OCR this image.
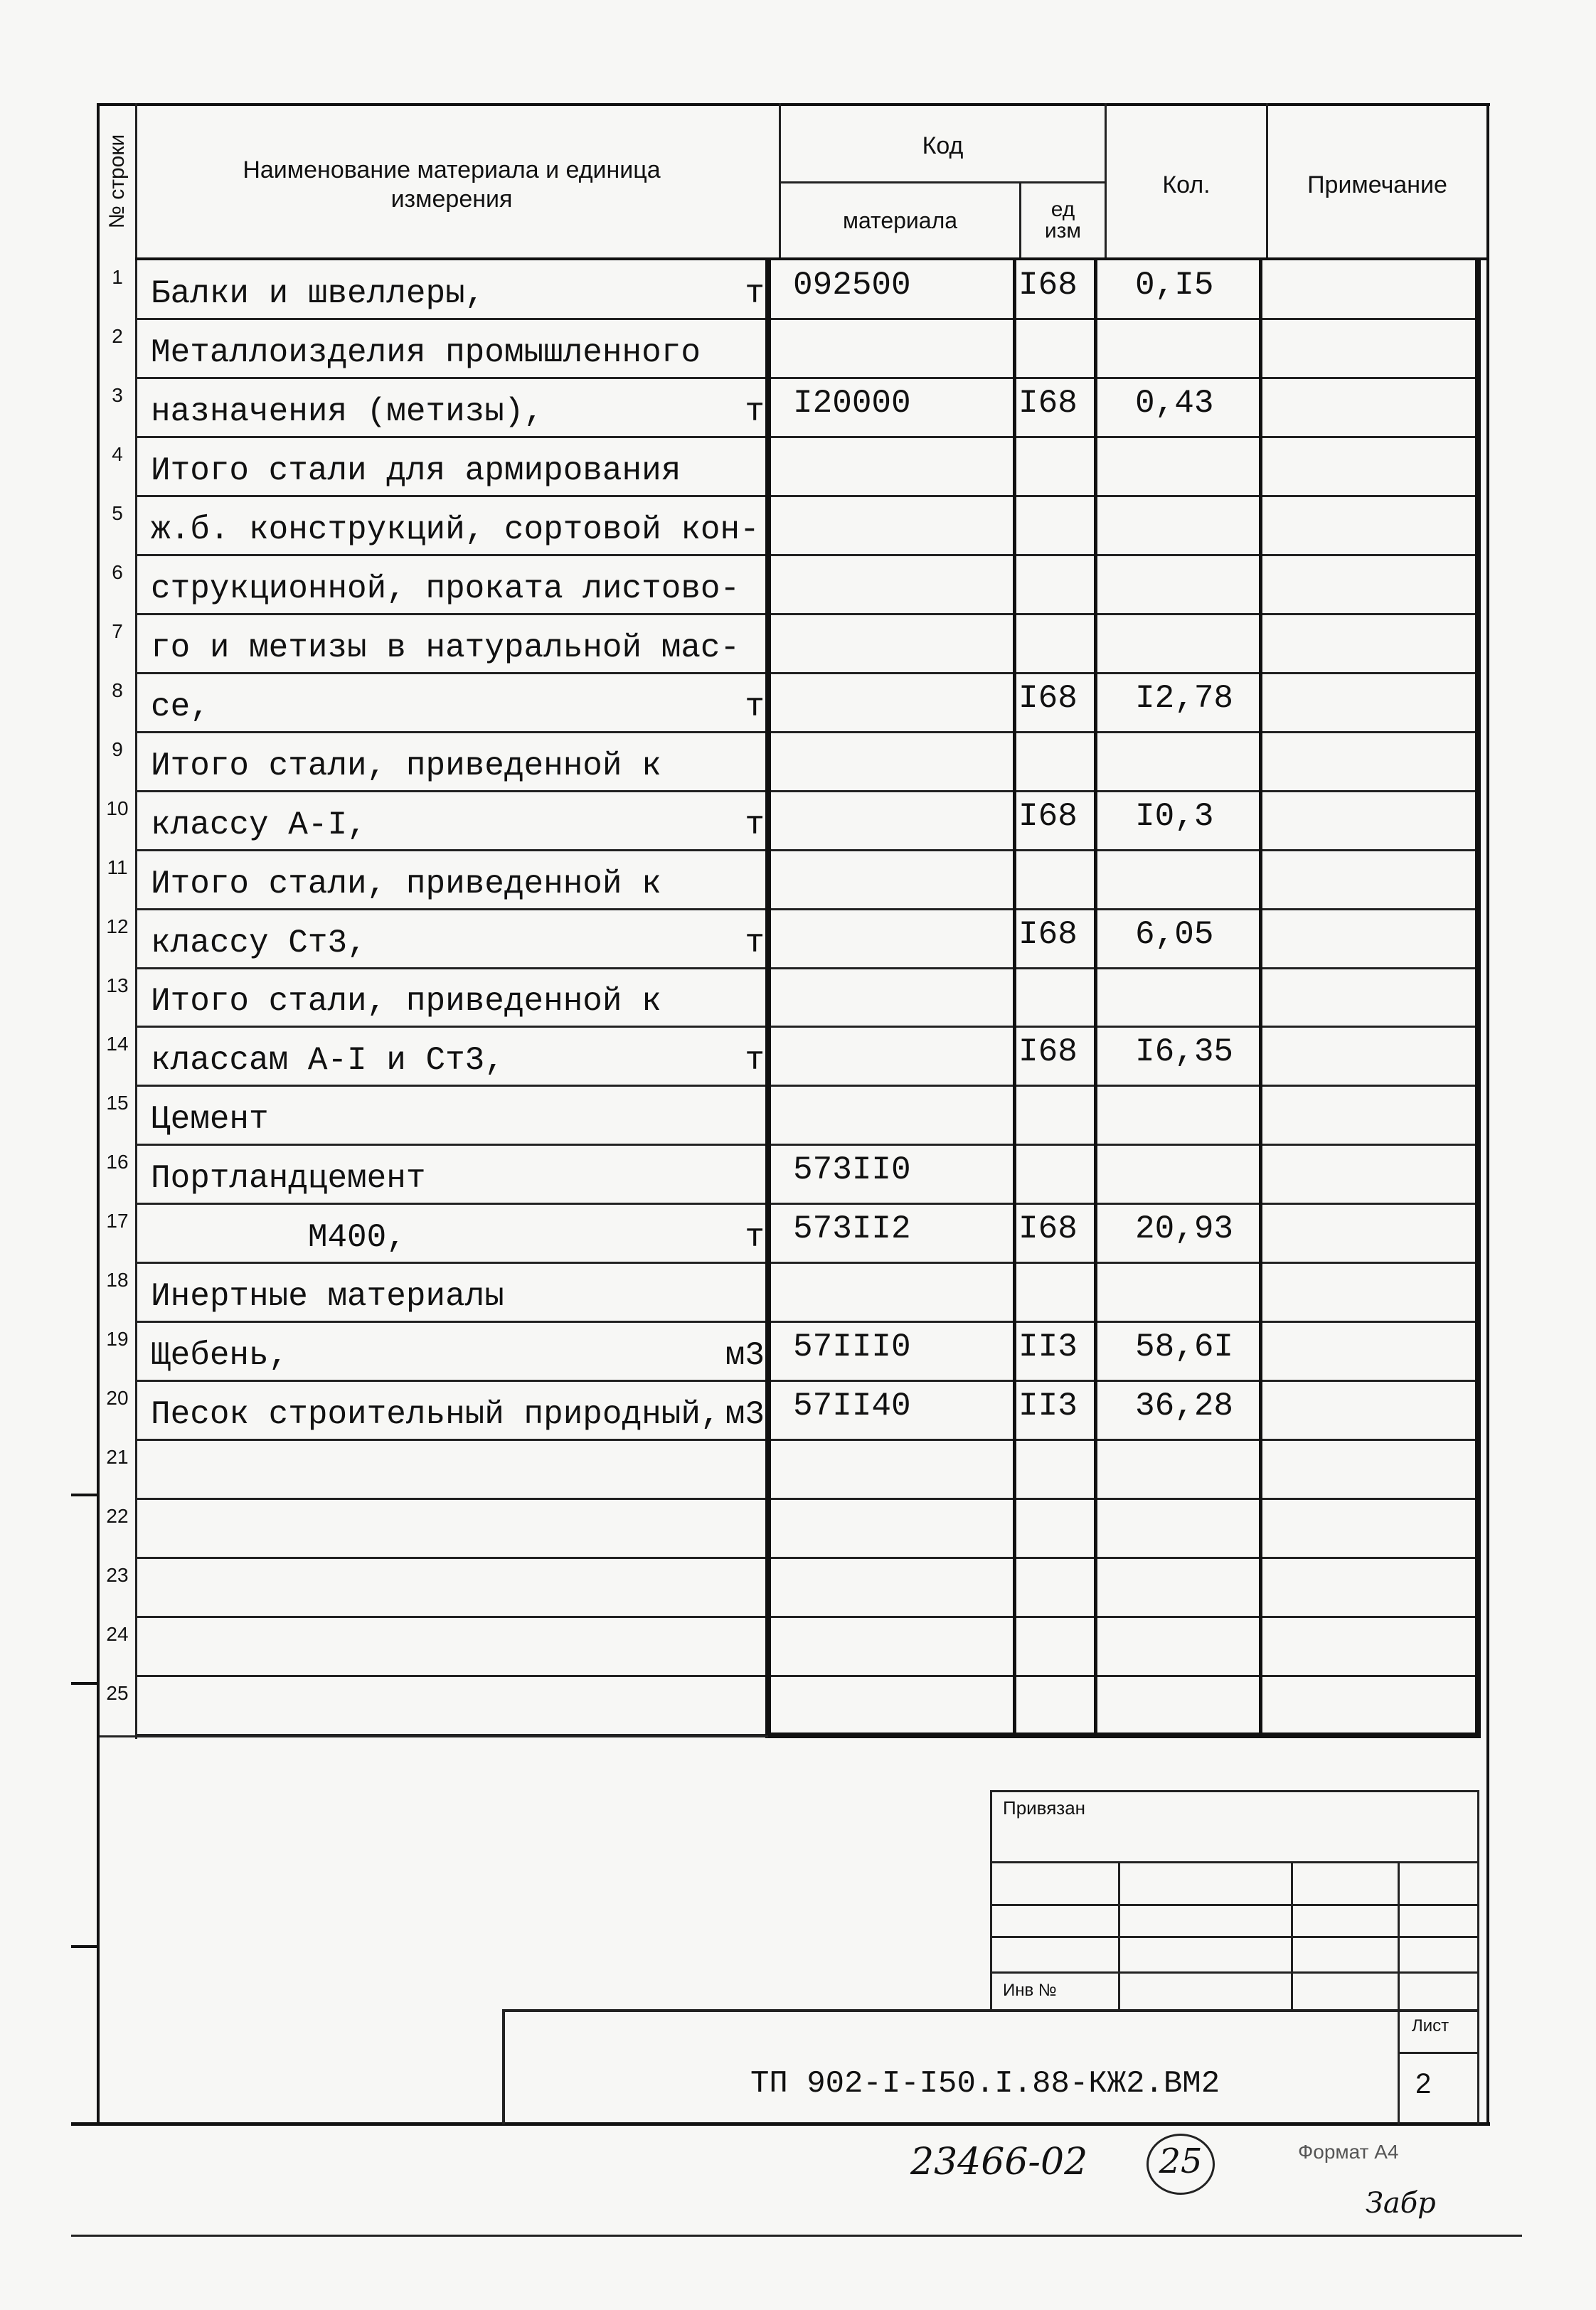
№ строки	Наименование материала и единица измерения
Код
материала	ед изм
Кол.	Примечание
1 Балки и швеллеры,	т 092500	I68 0,I5
2 Металлоизделия промышленного
3 назначения (метизы),	т I20000	I68 0,43
4 Итого стали для армирования
5 ж.б. конструкций, сортовой кон-
6 струкционной, проката листово-
7 го и метизы в натуральной мас-
8 се,	т	I68 I2,78
9 Итого стали, приведенной к
10 классу А-I,	т	I68 I0,3
11 Итого стали, приведенной к
12 классу Ст3,	т	I68 6,05
13 Итого стали, приведенной к
14 классам А-I и Ст3,	т	I68 I6,35
15 Цемент
16 Портландцемент	573II0
17 М400,	т 573II2	I68 20,93
18 Инертные материалы
19 Щебень,	м3 57III0	II3 58,6I
20 Песок строительный природный, м3 57II40	II3 36,28
21
22
23
24
25
Привязан
Инв №
Лист
ТП 902-I-I50.I.88-КЖ2.ВМ2	2
23466-02	25	Формат А4
Зaбр
